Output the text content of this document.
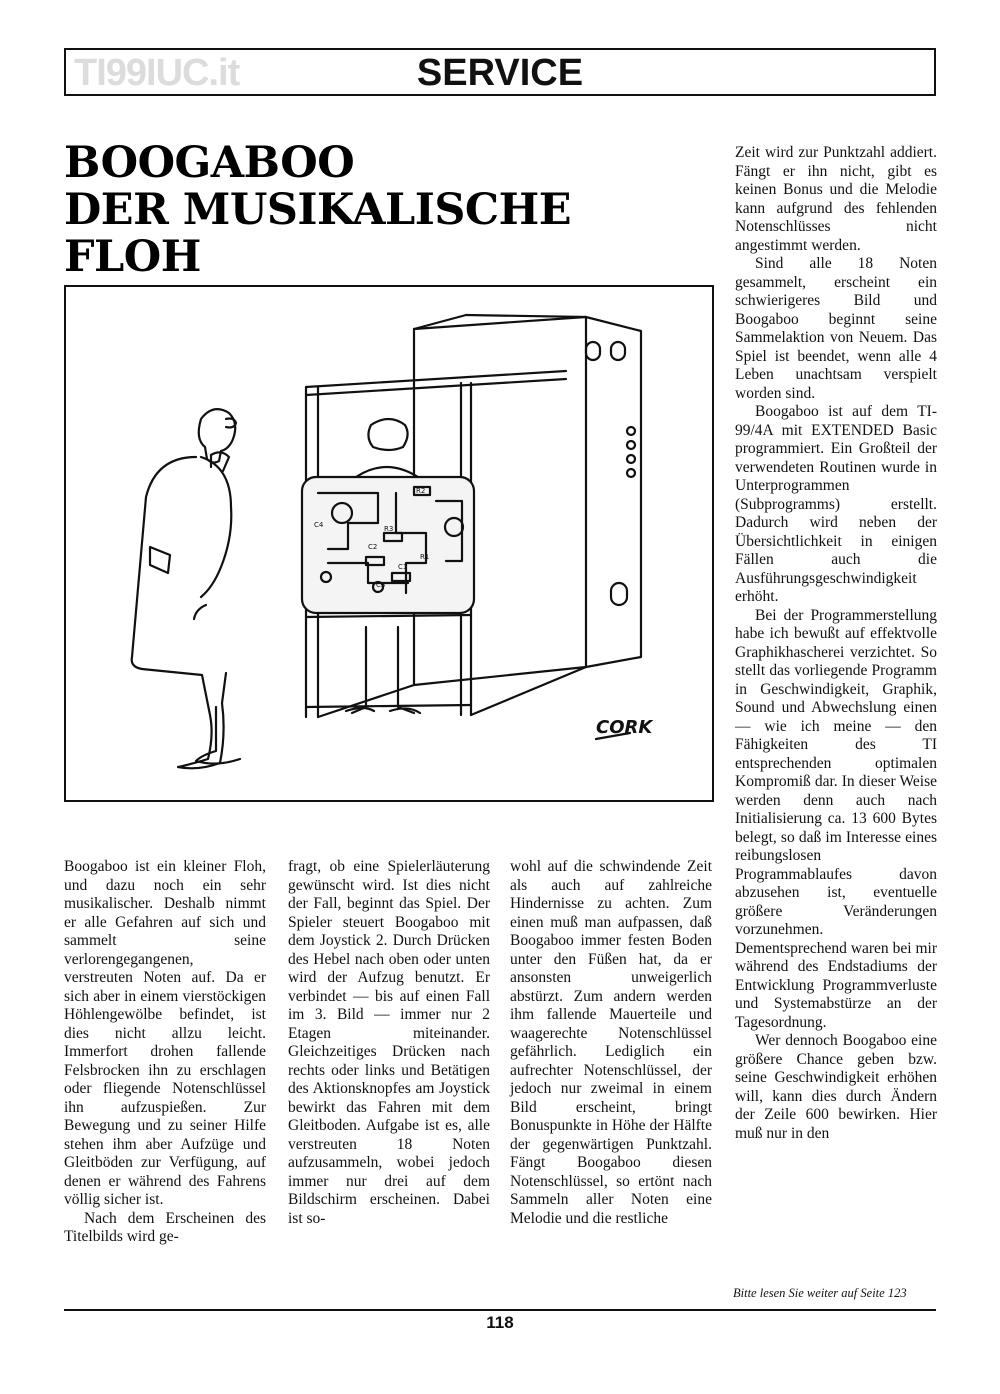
TI99IUC.it	SERVICE
BOOGABOO
DER MUSIKALISCHE
FLOH
C4
C2
C1
R2
R3
C3
R1
CORK

Boogaboo ist ein kleiner Floh, und dazu noch ein sehr musikalischer. Deshalb nimmt er alle Gefahren auf sich und sammelt seine verlorengegangenen, verstreuten Noten auf. Da er sich aber in einem vierstöckigen Höhlengewölbe befindet, ist dies nicht allzu leicht. Immerfort drohen fallende Felsbrocken ihn zu erschlagen oder fliegende Notenschlüssel ihn aufzuspießen. Zur Bewegung und zu seiner Hilfe stehen ihm aber Aufzüge und Gleitböden zur Verfügung, auf denen er während des Fahrens völlig sicher ist.

Nach dem Erscheinen des Titelbilds wird ge-

fragt, ob eine Spielerläuterung gewünscht wird. Ist dies nicht der Fall, beginnt das Spiel. Der Spieler steuert Boogaboo mit dem Joystick 2. Durch Drücken des Hebel nach oben oder unten wird der Aufzug benutzt. Er verbindet — bis auf einen Fall im 3. Bild — immer nur 2 Etagen miteinander. Gleichzeitiges Drücken nach rechts oder links und Betätigen des Aktionsknopfes am Joystick bewirkt das Fahren mit dem Gleitboden. Aufgabe ist es, alle verstreuten 18 Noten aufzusammeln, wobei jedoch immer nur drei auf dem Bildschirm erscheinen. Dabei ist so-

wohl auf die schwindende Zeit als auch auf zahlreiche Hindernisse zu achten. Zum einen muß man aufpassen, daß Boogaboo immer festen Boden unter den Füßen hat, da er ansonsten unweigerlich abstürzt. Zum andern werden ihm fallende Mauerteile und waagerechte Notenschlüssel gefährlich. Lediglich ein aufrechter Notenschlüssel, der jedoch nur zweimal in einem Bild erscheint, bringt Bonuspunkte in Höhe der Hälfte der gegenwärtigen Punktzahl. Fängt Boogaboo diesen Notenschlüssel, so ertönt nach Sammeln aller Noten eine Melodie und die restliche

Zeit wird zur Punktzahl addiert. Fängt er ihn nicht, gibt es keinen Bonus und die Melodie kann aufgrund des fehlenden Notenschlüsses nicht angestimmt werden.

Sind alle 18 Noten gesammelt, erscheint ein schwierigeres Bild und Boogaboo beginnt seine Sammelaktion von Neuem. Das Spiel ist beendet, wenn alle 4 Leben unachtsam verspielt worden sind.

Boogaboo ist auf dem TI-99/4A mit EXTENDED Basic programmiert. Ein Großteil der verwendeten Routinen wurde in Unterprogrammen (Subprogramms) erstellt. Dadurch wird neben der Übersichtlichkeit in einigen Fällen auch die Ausführungsgeschwindigkeit erhöht.

Bei der Programmerstellung habe ich bewußt auf effektvolle Graphikhascherei verzichtet. So stellt das vorliegende Programm in Geschwindigkeit, Graphik, Sound und Abwechslung einen — wie ich meine — den Fähigkeiten des TI entsprechenden optimalen Kompromiß dar. In dieser Weise werden denn auch nach Initialisierung ca. 13 600 Bytes belegt, so daß im Interesse eines reibungslosen Programmablaufes davon abzusehen ist, eventuelle größere Veränderungen vorzunehmen. Dementsprechend waren bei mir während des Endstadiums der Entwicklung Programmverluste und Systemabstürze an der Tagesordnung.

Wer dennoch Boogaboo eine größere Chance geben bzw. seine Geschwindigkeit erhöhen will, kann dies durch Ändern der Zeile 600 bewirken. Hier muß nur in den

Bitte lesen Sie weiter auf Seite 123
118
